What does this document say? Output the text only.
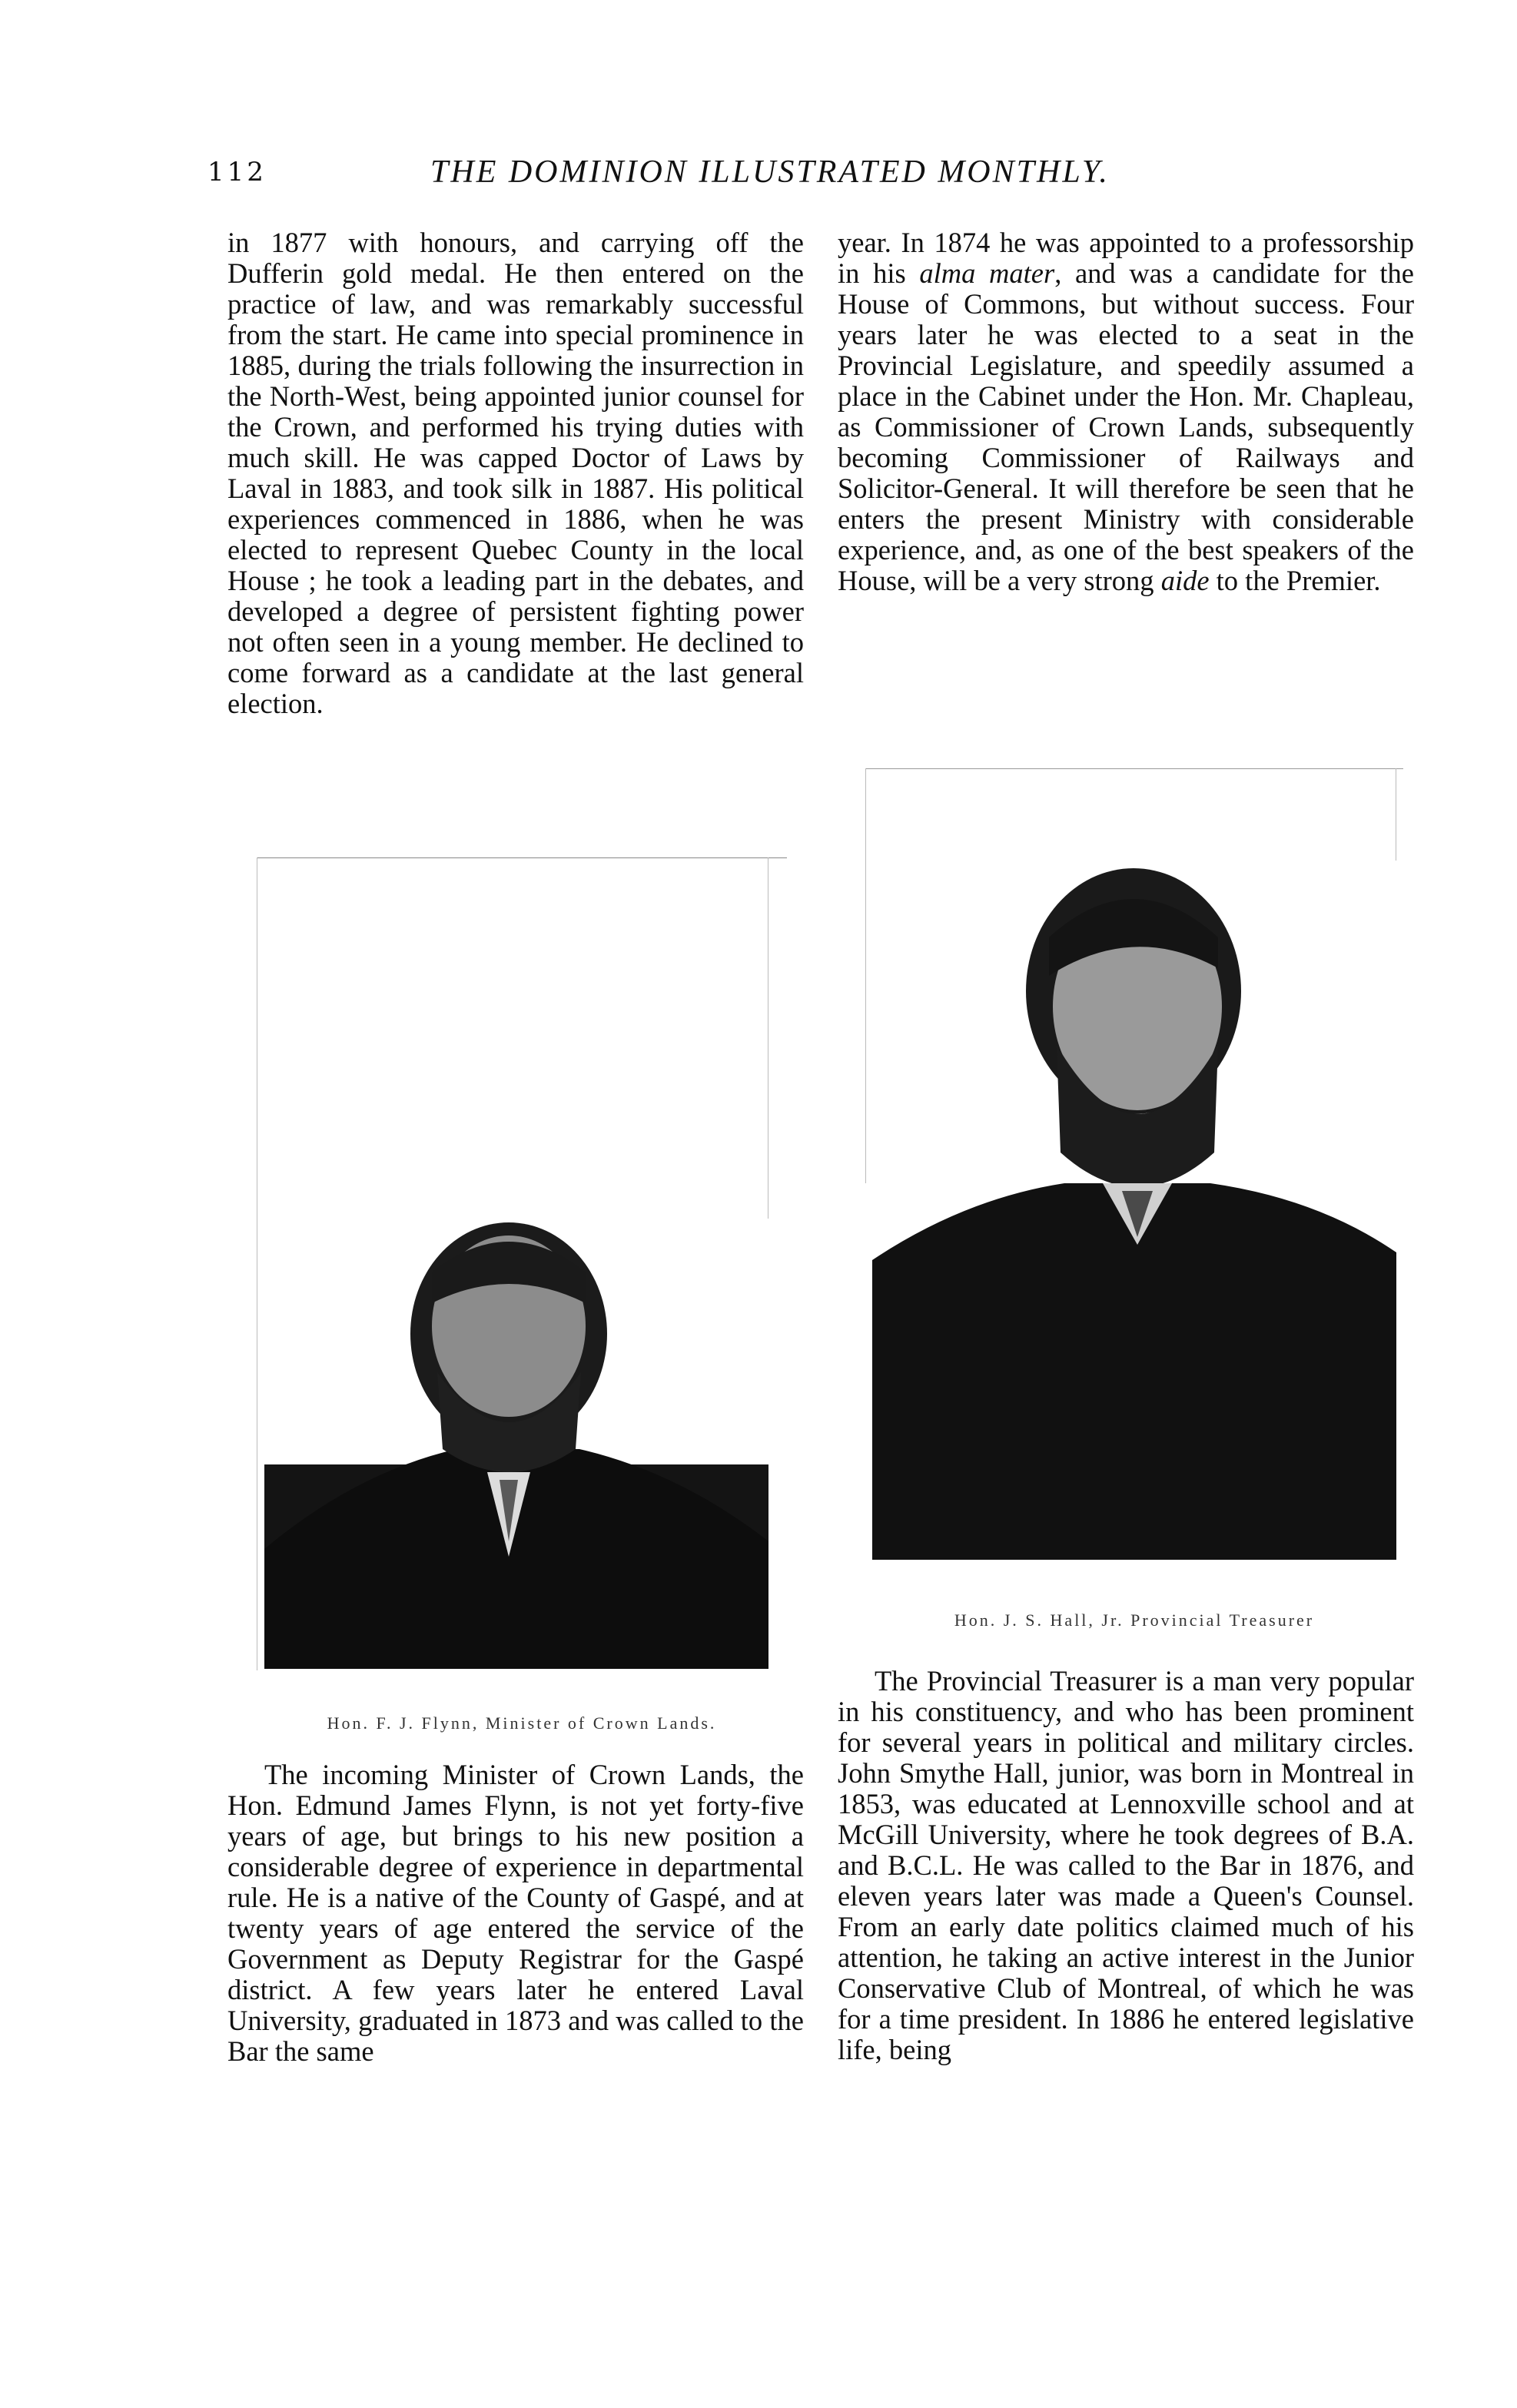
112	THE DOMINION ILLUSTRATED MONTHLY.

in 1877 with honours, and carrying off the Dufferin gold medal. He then entered on the practice of law, and was remarkably successful from the start. He came into special prominence in 1885, during the trials following the insurrection in the North-West, being appointed junior counsel for the Crown, and performed his trying duties with much skill. He was capped Doctor of Laws by Laval in 1883, and took silk in 1887. His political experiences commenced in 1886, when he was elected to represent Quebec County in the local House ; he took a leading part in the debates, and developed a degree of persistent fighting power not often seen in a young member. He declined to come forward as a candidate at the last general election.

year. In 1874 he was appointed to a professorship in his alma mater, and was a candidate for the House of Commons, but without success. Four years later he was elected to a seat in the Provincial Legislature, and speedily assumed a place in the Cabinet under the Hon. Mr. Chapleau, as Commissioner of Crown Lands, subsequently becoming Commissioner of Railways and Solicitor-General. It will therefore be seen that he enters the present Ministry with considerable experience, and, as one of the best speakers of the House, will be a very strong aide to the Premier.

Hon. F. J. Flynn, Minister of Crown Lands.
Hon. J. S. Hall, Jr. Provincial Treasurer

The incoming Minister of Crown Lands, the Hon. Edmund James Flynn, is not yet forty-five years of age, but brings to his new position a considerable degree of experience in departmental rule. He is a native of the County of Gaspé, and at twenty years of age entered the service of the Government as Deputy Registrar for the Gaspé district. A few years later he entered Laval University, graduated in 1873 and was called to the Bar the same

The Provincial Treasurer is a man very popular in his constituency, and who has been prominent for several years in political and military circles. John Smythe Hall, junior, was born in Montreal in 1853, was educated at Lennoxville school and at McGill University, where he took degrees of B.A. and B.C.L. He was called to the Bar in 1876, and eleven years later was made a Queen's Counsel. From an early date politics claimed much of his attention, he taking an active interest in the Junior Conservative Club of Montreal, of which he was for a time president. In 1886 he entered legislative life, being
